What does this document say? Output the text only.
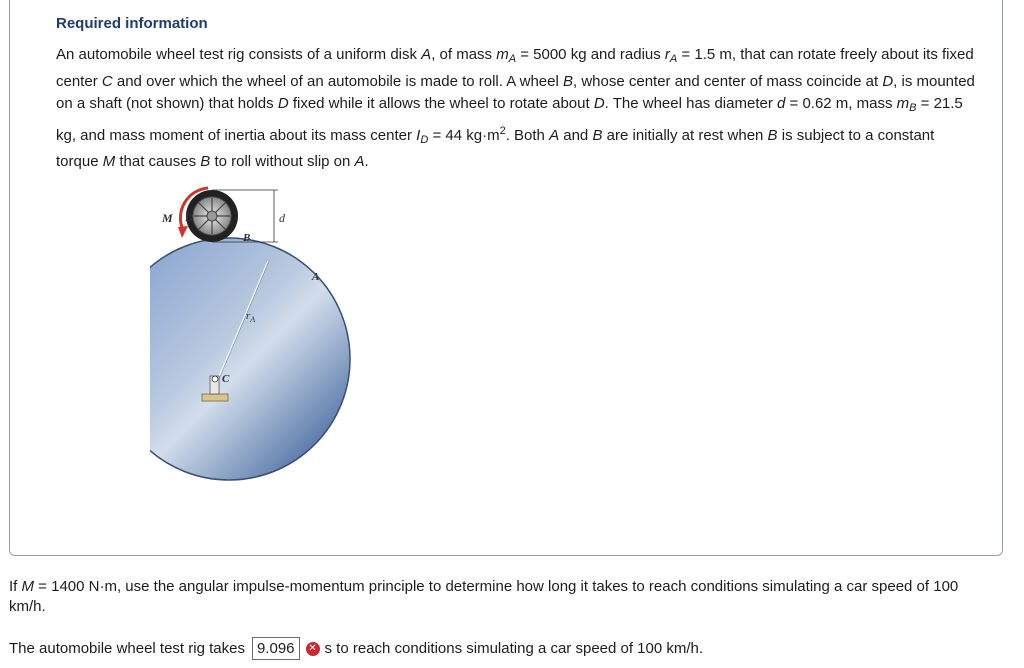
Required information

An automobile wheel test rig consists of a uniform disk A, of mass $m_A = 5000$ kg and radius $r_A = 1.5$ m, that can rotate freely about its fixed center C and over which the wheel of an automobile is made to roll. A wheel B, whose center and center of mass coincide at D, is mounted on a shaft (not shown) that holds D fixed while it allows the wheel to rotate about D. The wheel has diameter d = 0.62 m, mass $m_B = 21.5$ kg, and mass moment of inertia about its mass center $I_D = 44$ $kg\cdot m^2$. Both A and B are initially at rest when B is subject to a constant torque M that causes B to roll without slip on A.

M D
B
d
A
$r_A$
C

If M = 1400 N·m, use the angular impulse-momentum principle to determine how long it takes to reach conditions simulating a car speed of 100 km/h.

The automobile wheel test rig takes 9.096	✕ s to reach conditions simulating a car speed of 100 km/h.
